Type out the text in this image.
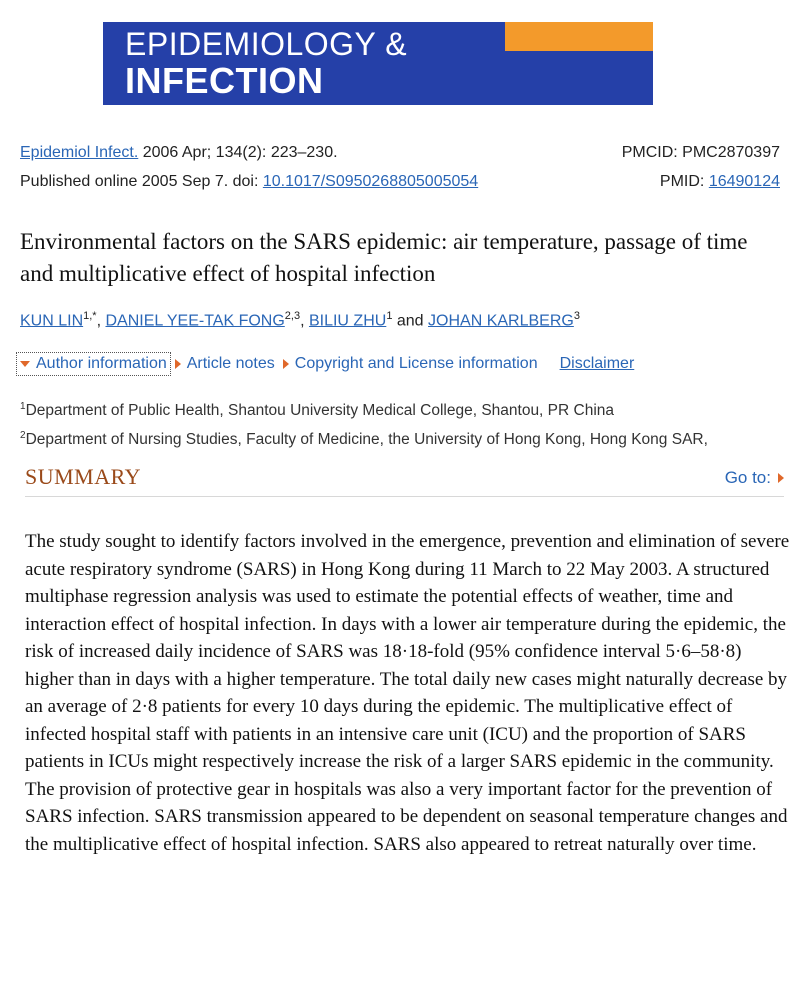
EPIDEMIOLOGY &
INFECTION
Epidemiol Infect. 2006 Apr; 134(2): 223–230.	PMCID: PMC2870397
Published online 2005 Sep 7. doi: 10.1017/S0950268805005054	PMID: 16490124
Environmental factors on the SARS epidemic: air temperature, passage of time and multiplicative effect of hospital infection
KUN $LIN^{1,*}$, DANIEL YEE-TAK FONG$^{2,3}$, BILIU ZHU$^1$ and JOHAN KARLBERG$^3$
Author information Article notes Copyright and License information Disclaimer
$^1$Department of Public Health, Shantou University Medical College, Shantou, PR China
$^2$Department of Nursing Studies, Faculty of Medicine, the University of Hong Kong, Hong Kong SAR,
SUMMARY	Go to:
The study sought to identify factors involved in the emergence, prevention and elimination of severe acute respiratory syndrome (SARS) in Hong Kong during 11 March to 22 May 2003. A structured multiphase regression analysis was used to estimate the potential effects of weather, time and interaction effect of hospital infection. In days with a lower air temperature during the epidemic, the risk of increased daily incidence of SARS was 18·18-fold (95% confidence interval 5·6–58·8) higher than in days with a higher temperature. The total daily new cases might naturally decrease by an average of 2·8 patients for every 10 days during the epidemic. The multiplicative effect of infected hospital staff with patients in an intensive care unit (ICU) and the proportion of SARS patients in ICUs might respectively increase the risk of a larger SARS epidemic in the community. The provision of protective gear in hospitals was also a very important factor for the prevention of SARS infection. SARS transmission appeared to be dependent on seasonal temperature changes and the multiplicative effect of hospital infection. SARS also appeared to retreat naturally over time.
